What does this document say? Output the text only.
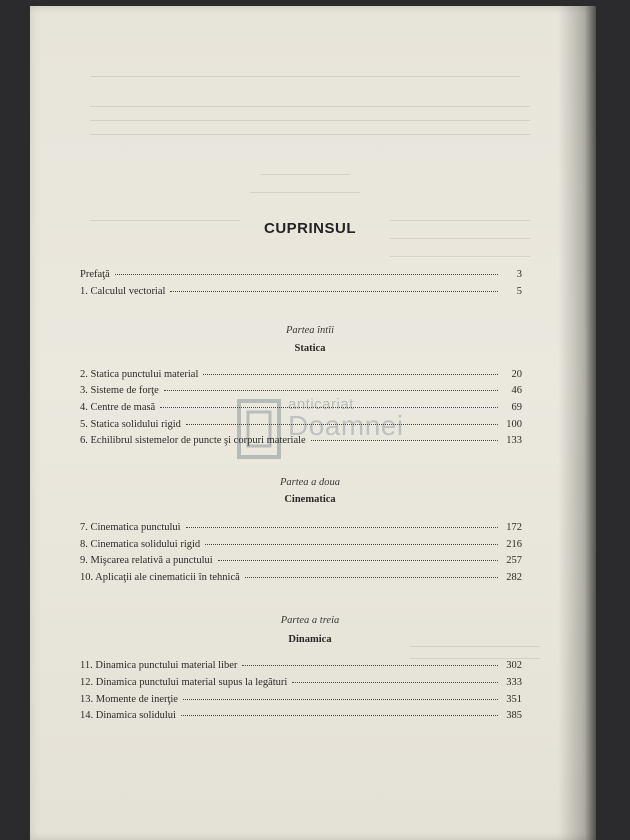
anticariat
Doamnei
CUPRINSUL
Prefaţă	3
1. Calculul vectorial	5
Partea întîi
Statica
2. Statica punctului material	20
3. Sisteme de forţe	46
4. Centre de masă	69
5. Statica solidului rigid	100
6. Echilibrul sistemelor de puncte şi corpuri materiale	133
Partea a doua
Cinematica
7. Cinematica punctului	172
8. Cinematica solidului rigid	216
9. Mişcarea relativă a punctului	257
10. Aplicaţii ale cinematicii în tehnică	282
Partea a treia
Dinamica
11. Dinamica punctului material liber	302
12. Dinamica punctului material supus la legături	333
13. Momente de inerţie	351
14. Dinamica solidului	385
